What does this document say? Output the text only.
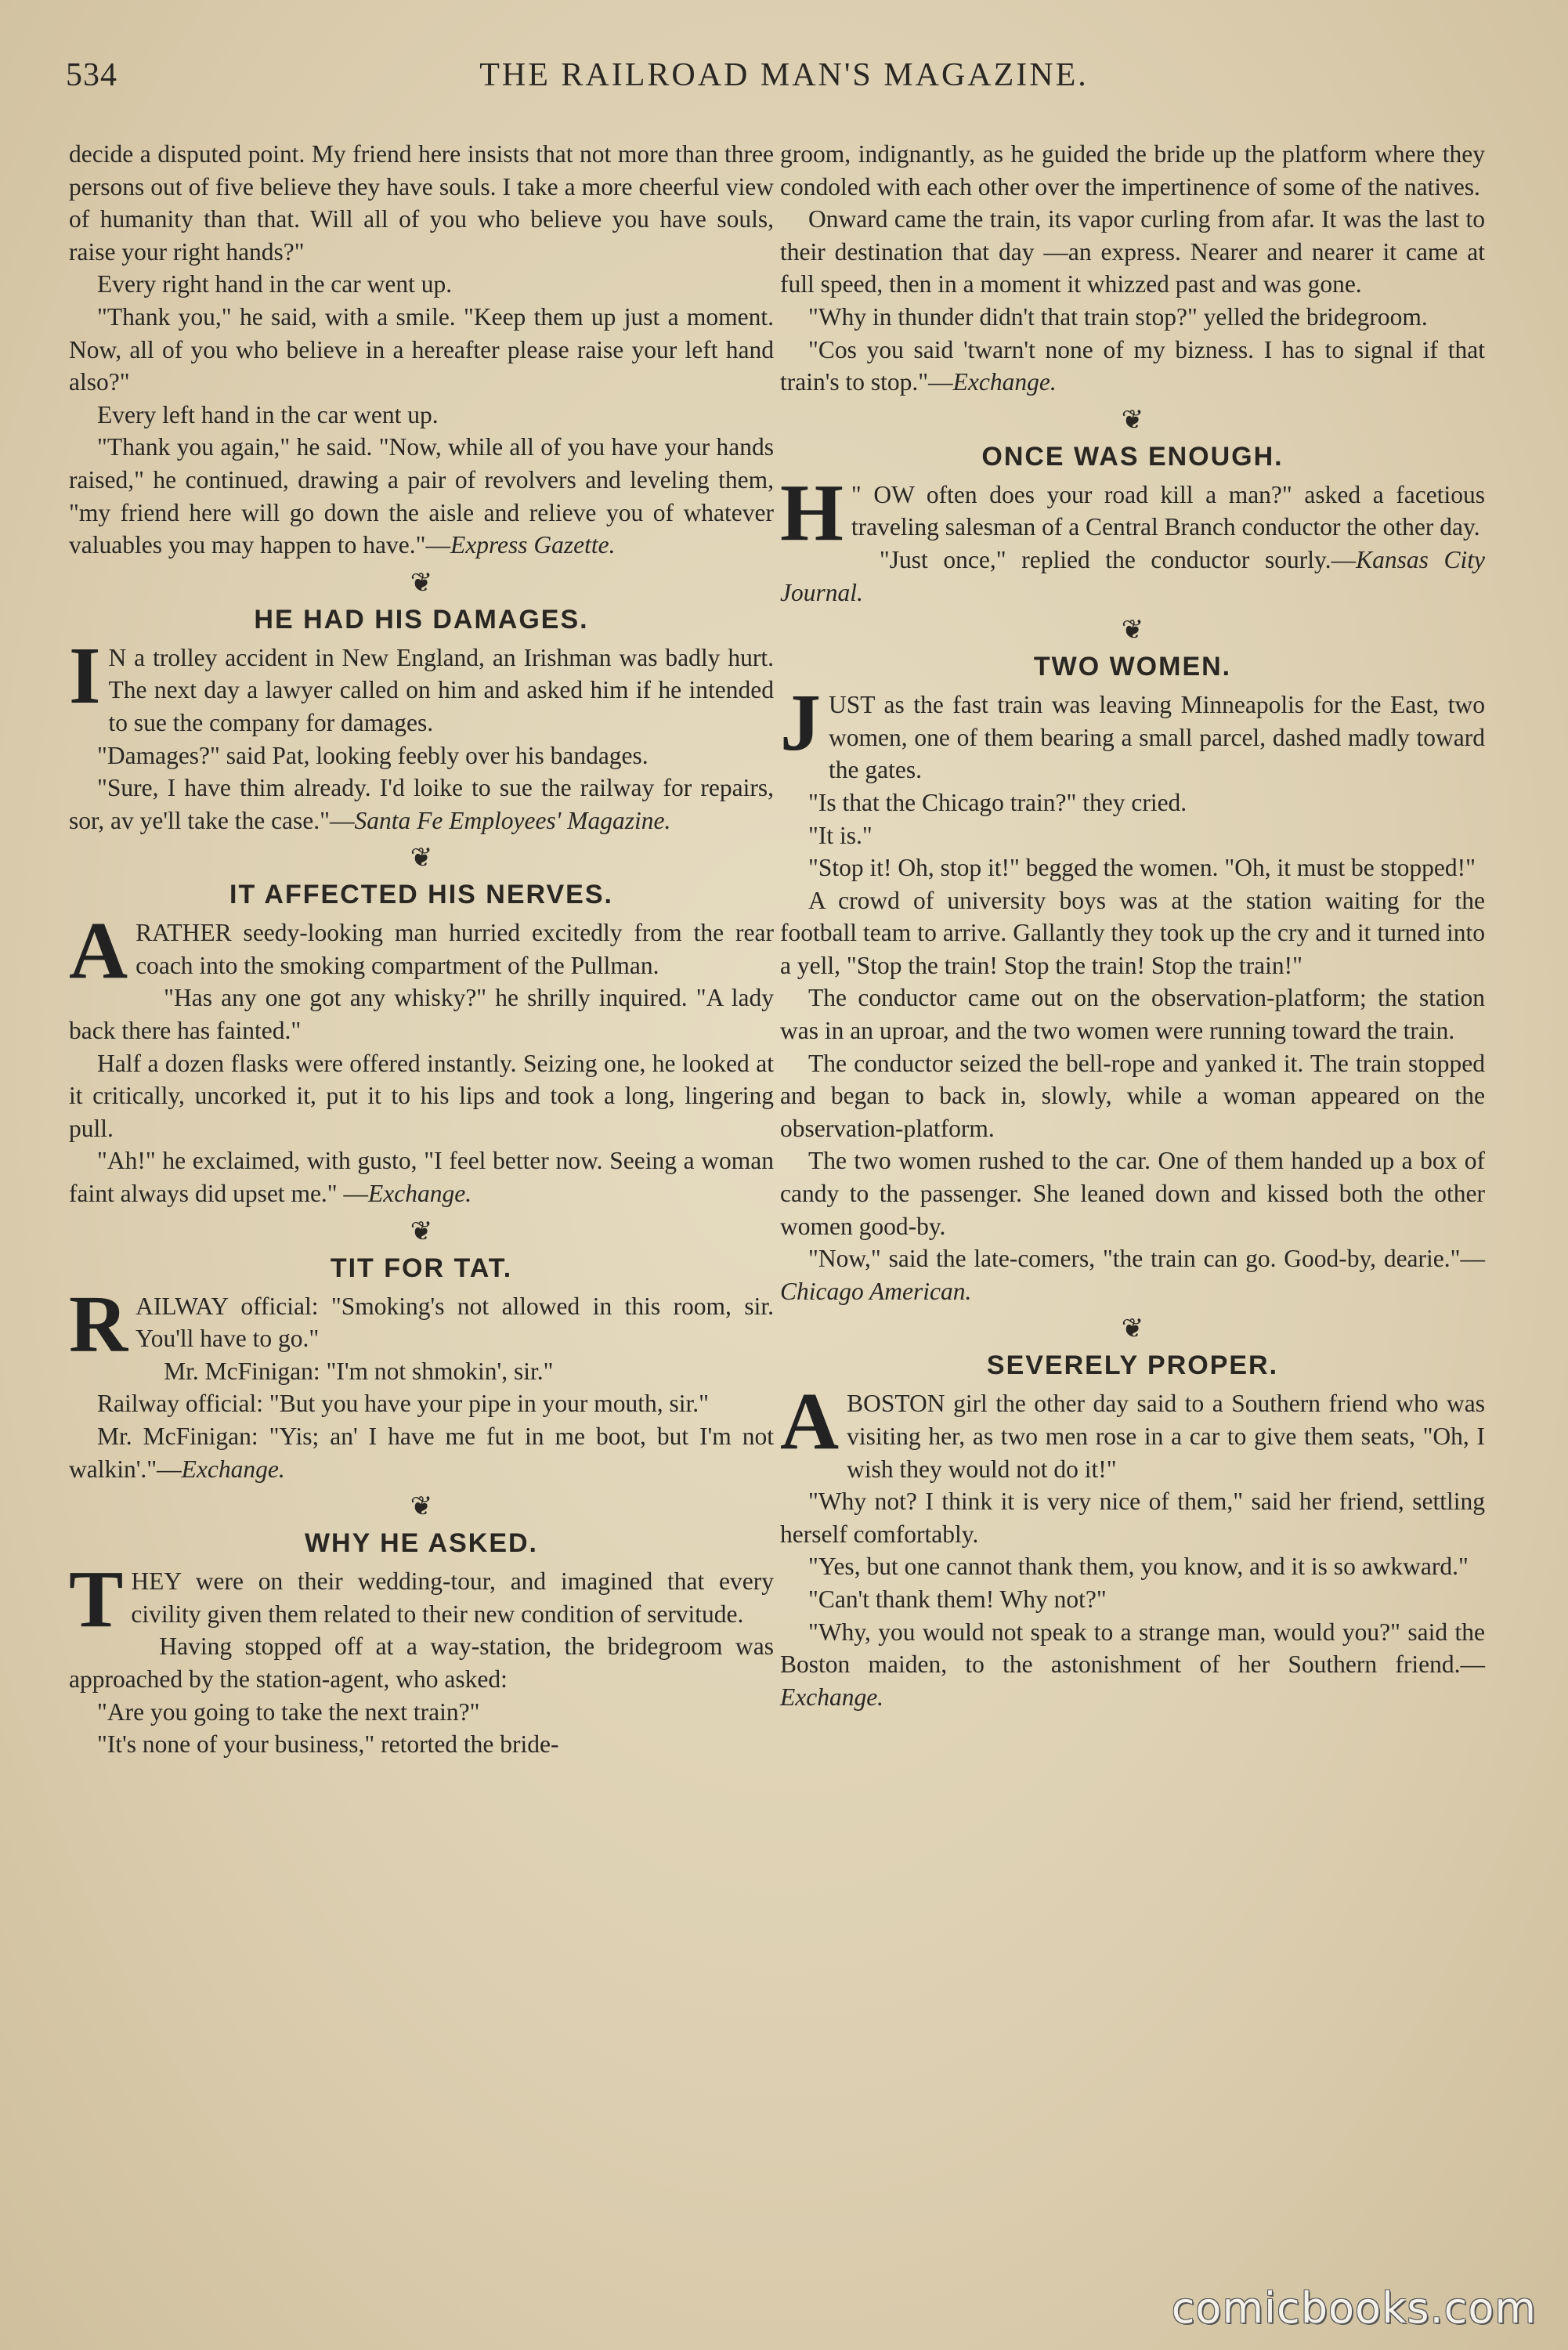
534	THE RAILROAD MAN'S MAGAZINE.

decide a disputed point. My friend here insists that not more than three persons out of five believe they have souls. I take a more cheerful view of humanity than that. Will all of you who believe you have souls, raise your right hands?"

Every right hand in the car went up.

"Thank you," he said, with a smile. "Keep them up just a moment. Now, all of you who believe in a hereafter please raise your left hand also?"

Every left hand in the car went up.

"Thank you again," he said. "Now, while all of you have your hands raised," he continued, drawing a pair of revolvers and leveling them, "my friend here will go down the aisle and relieve you of whatever valuables you may happen to have."—Express Gazette.

❦
HE HAD HIS DAMAGES.

I N a trolley accident in New England, an Irishman was badly hurt. The next day a lawyer called on him and asked him if he intended to sue the company for damages.

"Damages?" said Pat, looking feebly over his bandages.

"Sure, I have thim already. I'd loike to sue the railway for repairs, sor, av ye'll take the case."—Santa Fe Employees' Magazine.

❦
IT AFFECTED HIS NERVES.

ARATHER seedy-looking man hurried excitedly from the rear coach into the smoking compartment of the Pullman.

"Has any one got any whisky?" he shrilly inquired. "A lady back there has fainted."

Half a dozen flasks were offered instantly. Seizing one, he looked at it critically, uncorked it, put it to his lips and took a long, lingering pull.

"Ah!" he exclaimed, with gusto, "I feel better now. Seeing a woman faint always did upset me." —Exchange.

❦
TIT FOR TAT.

RAILWAY official: "Smoking's not allowed in this room, sir. You'll have to go."

Mr. McFinigan: "I'm not shmokin', sir."

Railway official: "But you have your pipe in your mouth, sir."

Mr. McFinigan: "Yis; an' I have me fut in me boot, but I'm not walkin'."—Exchange.

❦
WHY HE ASKED.

THEY were on their wedding-tour, and imagined that every civility given them related to their new condition of servitude.

Having stopped off at a way-station, the bridegroom was approached by the station-agent, who asked:

"Are you going to take the next train?"

"It's none of your business," retorted the bride-

groom, indignantly, as he guided the bride up the platform where they condoled with each other over the impertinence of some of the natives.

Onward came the train, its vapor curling from afar. It was the last to their destination that day —an express. Nearer and nearer it came at full speed, then in a moment it whizzed past and was gone.

"Why in thunder didn't that train stop?" yelled the bridegroom.

"Cos you said 'twarn't none of my bizness. I has to signal if that train's to stop."—Exchange.

❦
ONCE WAS ENOUGH.

H " OW often does your road kill a man?" asked a facetious traveling salesman of a Central Branch conductor the other day.

"Just once," replied the conductor sourly.—Kansas City Journal.

❦
TWO WOMEN.

JUST as the fast train was leaving Minneapolis for the East, two women, one of them bearing a small parcel, dashed madly toward the gates.

"Is that the Chicago train?" they cried.

"It is."

"Stop it! Oh, stop it!" begged the women. "Oh, it must be stopped!"

A crowd of university boys was at the station waiting for the football team to arrive. Gallantly they took up the cry and it turned into a yell, "Stop the train! Stop the train! Stop the train!"

The conductor came out on the observation-platform; the station was in an uproar, and the two women were running toward the train.

The conductor seized the bell-rope and yanked it. The train stopped and began to back in, slowly, while a woman appeared on the observation-platform.

The two women rushed to the car. One of them handed up a box of candy to the passenger. She leaned down and kissed both the other women good-by.

"Now," said the late-comers, "the train can go. Good-by, dearie."—Chicago American.

❦
SEVERELY PROPER.

ABOSTON girl the other day said to a Southern friend who was visiting her, as two men rose in a car to give them seats, "Oh, I wish they would not do it!"

"Why not? I think it is very nice of them," said her friend, settling herself comfortably.

"Yes, but one cannot thank them, you know, and it is so awkward."

"Can't thank them! Why not?"

"Why, you would not speak to a strange man, would you?" said the Boston maiden, to the astonishment of her Southern friend.—Exchange.

comicbooks.com
